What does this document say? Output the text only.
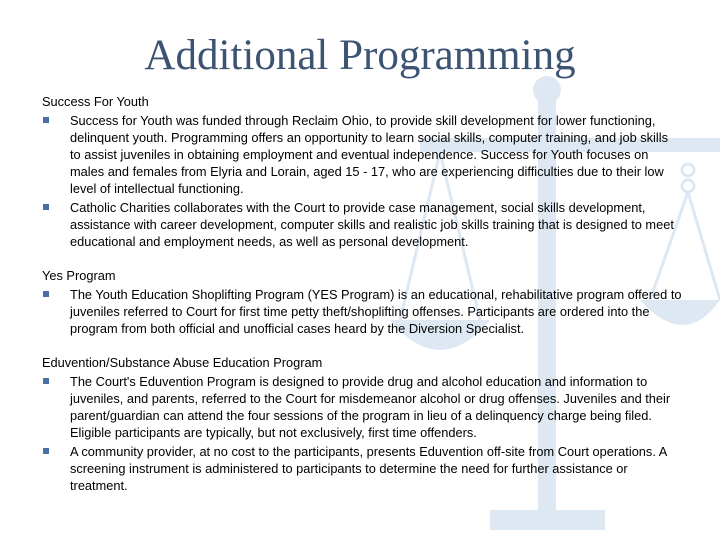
Additional Programming
Success For Youth
Success for Youth was funded through Reclaim Ohio, to provide skill development for lower functioning, delinquent youth. Programming offers an opportunity to learn social skills, computer training, and job skills to assist juveniles in obtaining employment and eventual independence. Success for Youth focuses on males and females from Elyria and Lorain, aged 15 - 17, who are experiencing difficulties due to their low level of intellectual functioning.
Catholic Charities collaborates with the Court to provide case management, social skills development, assistance with career development, computer skills and realistic job skills training that is designed to meet educational and employment needs, as well as personal development.
Yes Program
The Youth Education Shoplifting Program (YES Program) is an educational, rehabilitative program offered to juveniles referred to Court for first time petty theft/shoplifting offenses. Participants are ordered into the program from both official and unofficial cases heard by the Diversion Specialist.
Eduvention/Substance Abuse Education Program
The Court's Eduvention Program is designed to provide drug and alcohol education and information to juveniles, and parents, referred to the Court for misdemeanor alcohol or drug offenses. Juveniles and their parent/guardian can attend the four sessions of the program in lieu of a delinquency charge being filed. Eligible participants are typically, but not exclusively, first time offenders.
A community provider, at no cost to the participants, presents Eduvention off-site from Court operations. A screening instrument is administered to participants to determine the need for further assistance or treatment.
